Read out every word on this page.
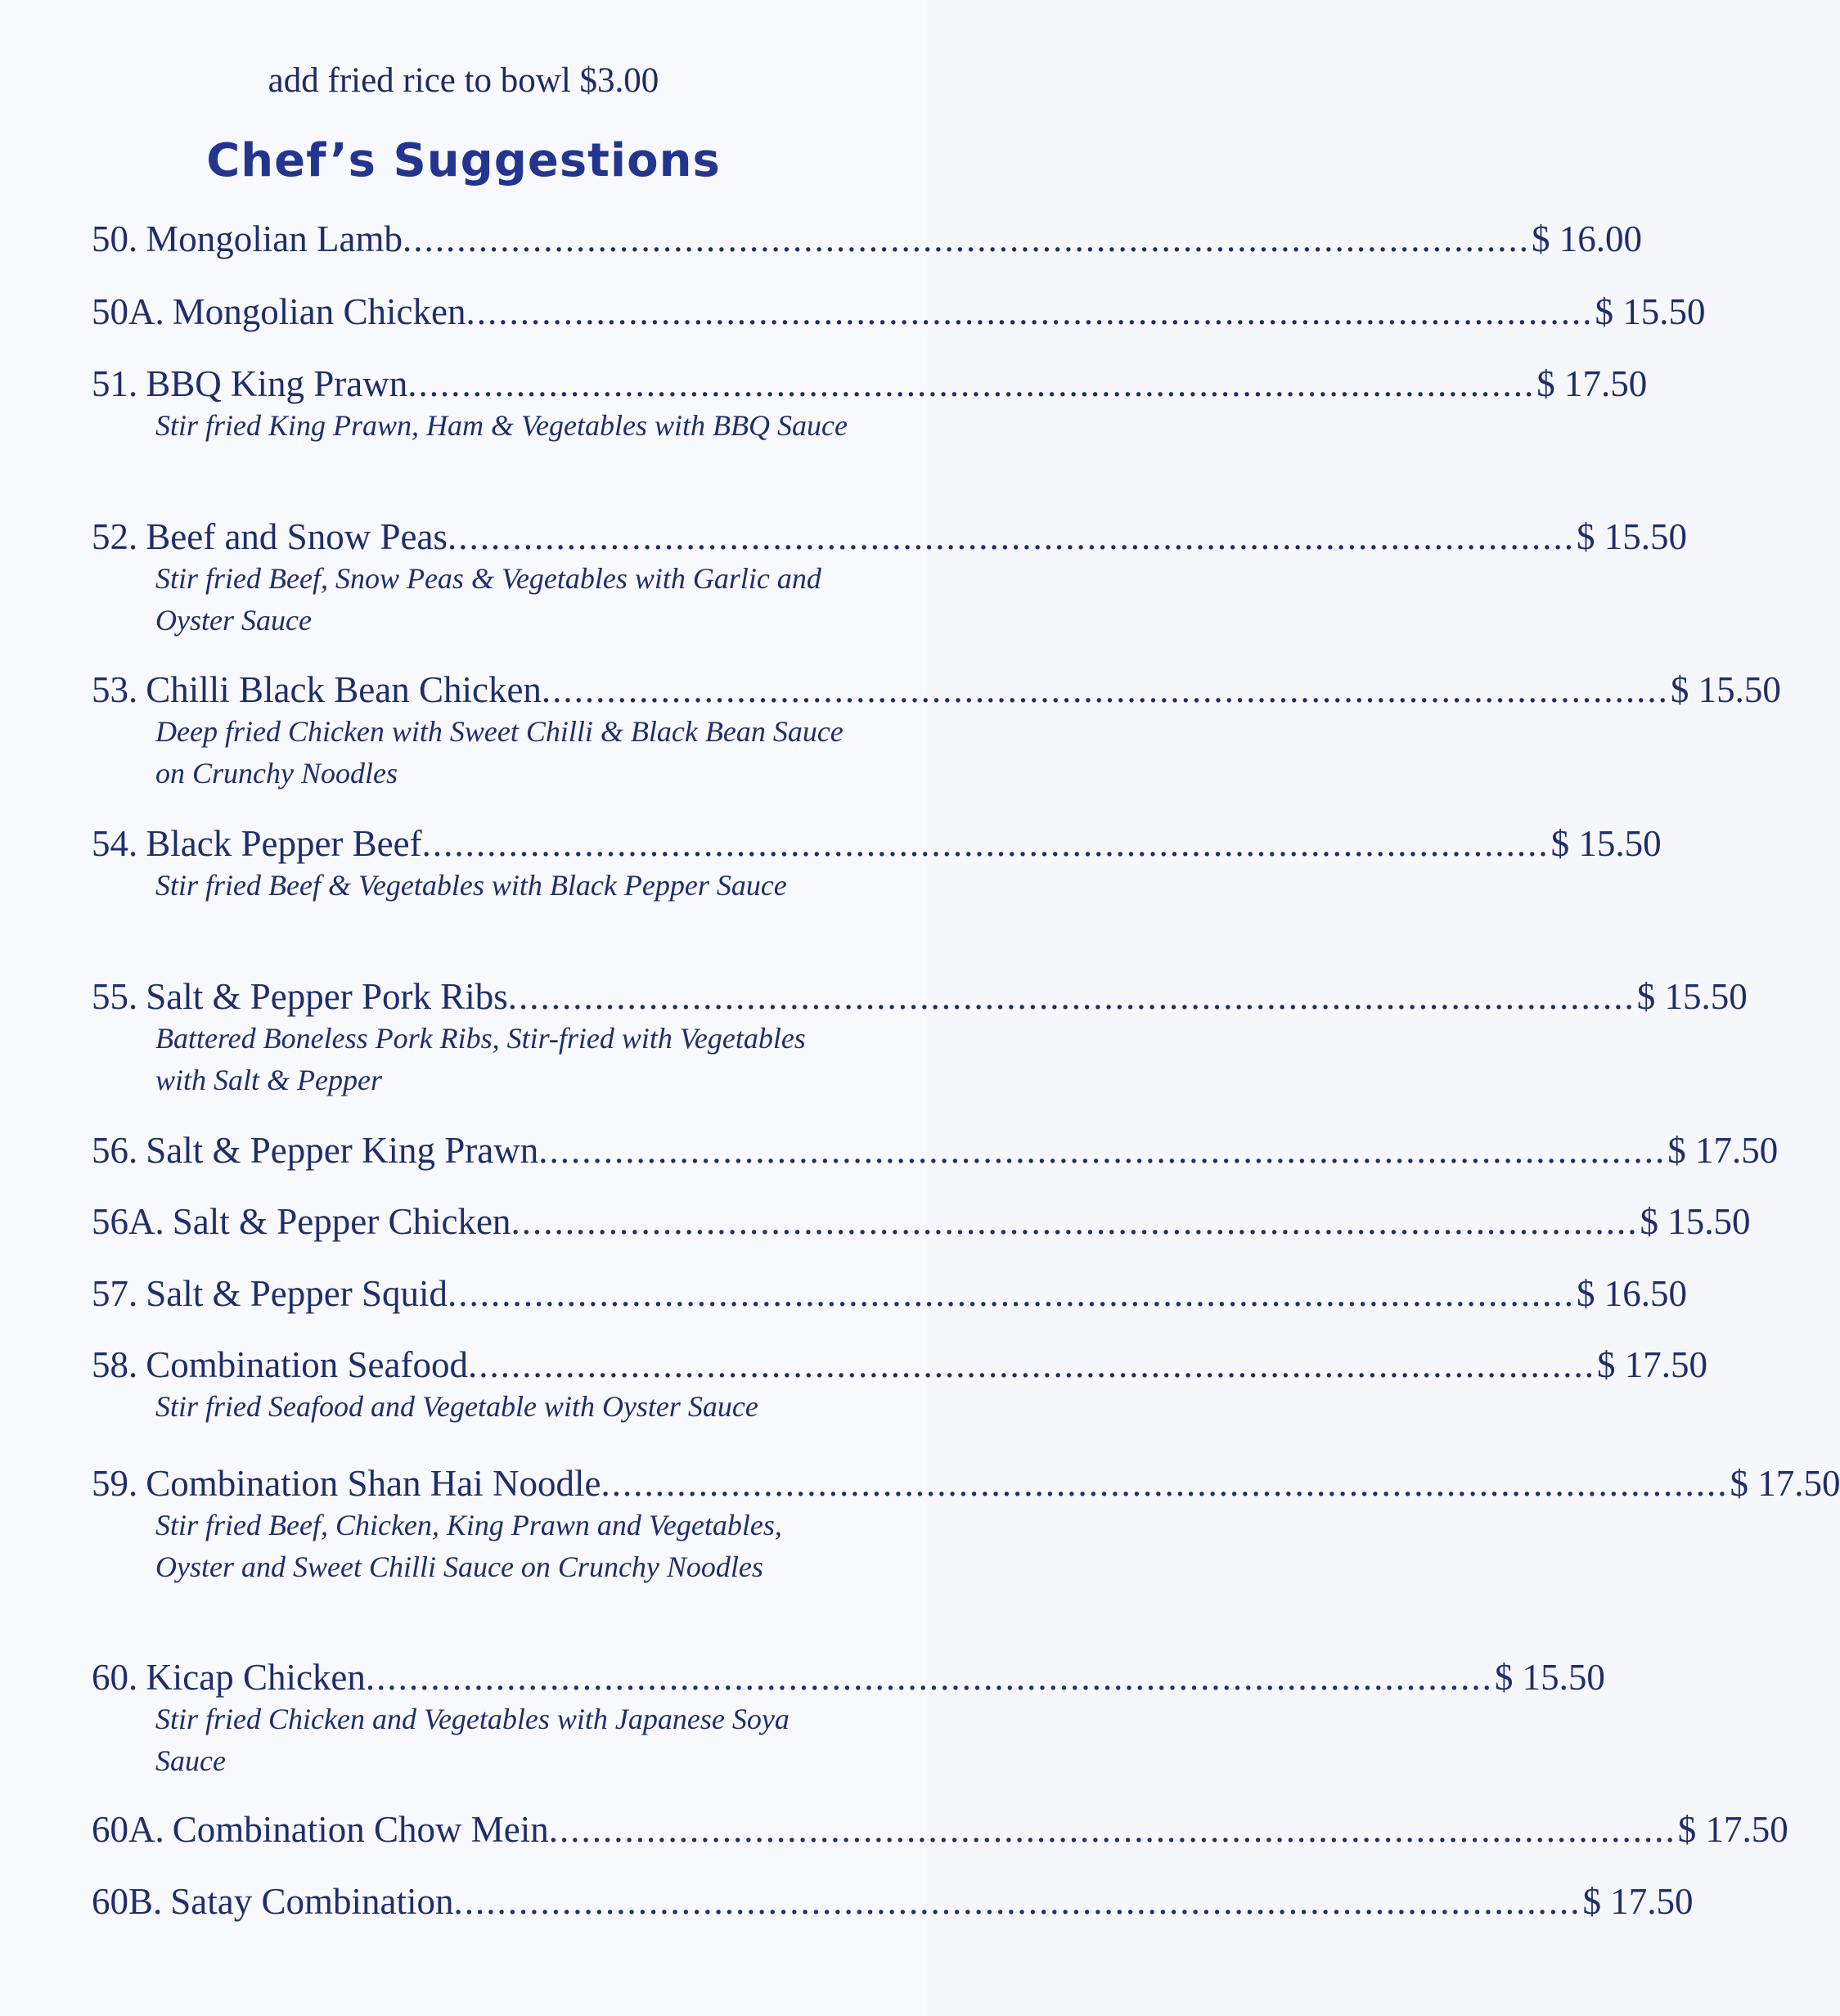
add fried rice to bowl $3.00
Chef’s Suggestions
50. Mongolian Lamb ........................................................................................................ $ 16.00
50A. Mongolian Chicken ........................................................................................................ $ 15.50
51. BBQ King Prawn ........................................................................................................ $ 17.50
Stir fried King Prawn, Ham & Vegetables with BBQ Sauce
52. Beef and Snow Peas ........................................................................................................ $ 15.50
Stir fried Beef, Snow Peas & Vegetables with Garlic and Oyster Sauce
53. Chilli Black Bean Chicken ........................................................................................................ $ 15.50
Deep fried Chicken with Sweet Chilli & Black Bean Sauce on Crunchy Noodles
54. Black Pepper Beef ........................................................................................................ $ 15.50
Stir fried Beef & Vegetables with Black Pepper Sauce
55. Salt & Pepper Pork Ribs ........................................................................................................ $ 15.50
Battered Boneless Pork Ribs, Stir-fried with Vegetables with Salt & Pepper
56. Salt & Pepper King Prawn ........................................................................................................ $ 17.50
56A. Salt & Pepper Chicken ........................................................................................................ $ 15.50
57. Salt & Pepper Squid ........................................................................................................ $ 16.50
58. Combination Seafood ........................................................................................................ $ 17.50
Stir fried Seafood and Vegetable with Oyster Sauce
59. Combination Shan Hai Noodle ........................................................................................................ $ 17.50
Stir fried Beef, Chicken, King Prawn and Vegetables, Oyster and Sweet Chilli Sauce on Crunchy Noodles
60. Kicap Chicken ........................................................................................................ $ 15.50
Stir fried Chicken and Vegetables with Japanese Soya Sauce
60A. Combination Chow Mein ........................................................................................................ $ 17.50
60B. Satay Combination ........................................................................................................ $ 17.50
